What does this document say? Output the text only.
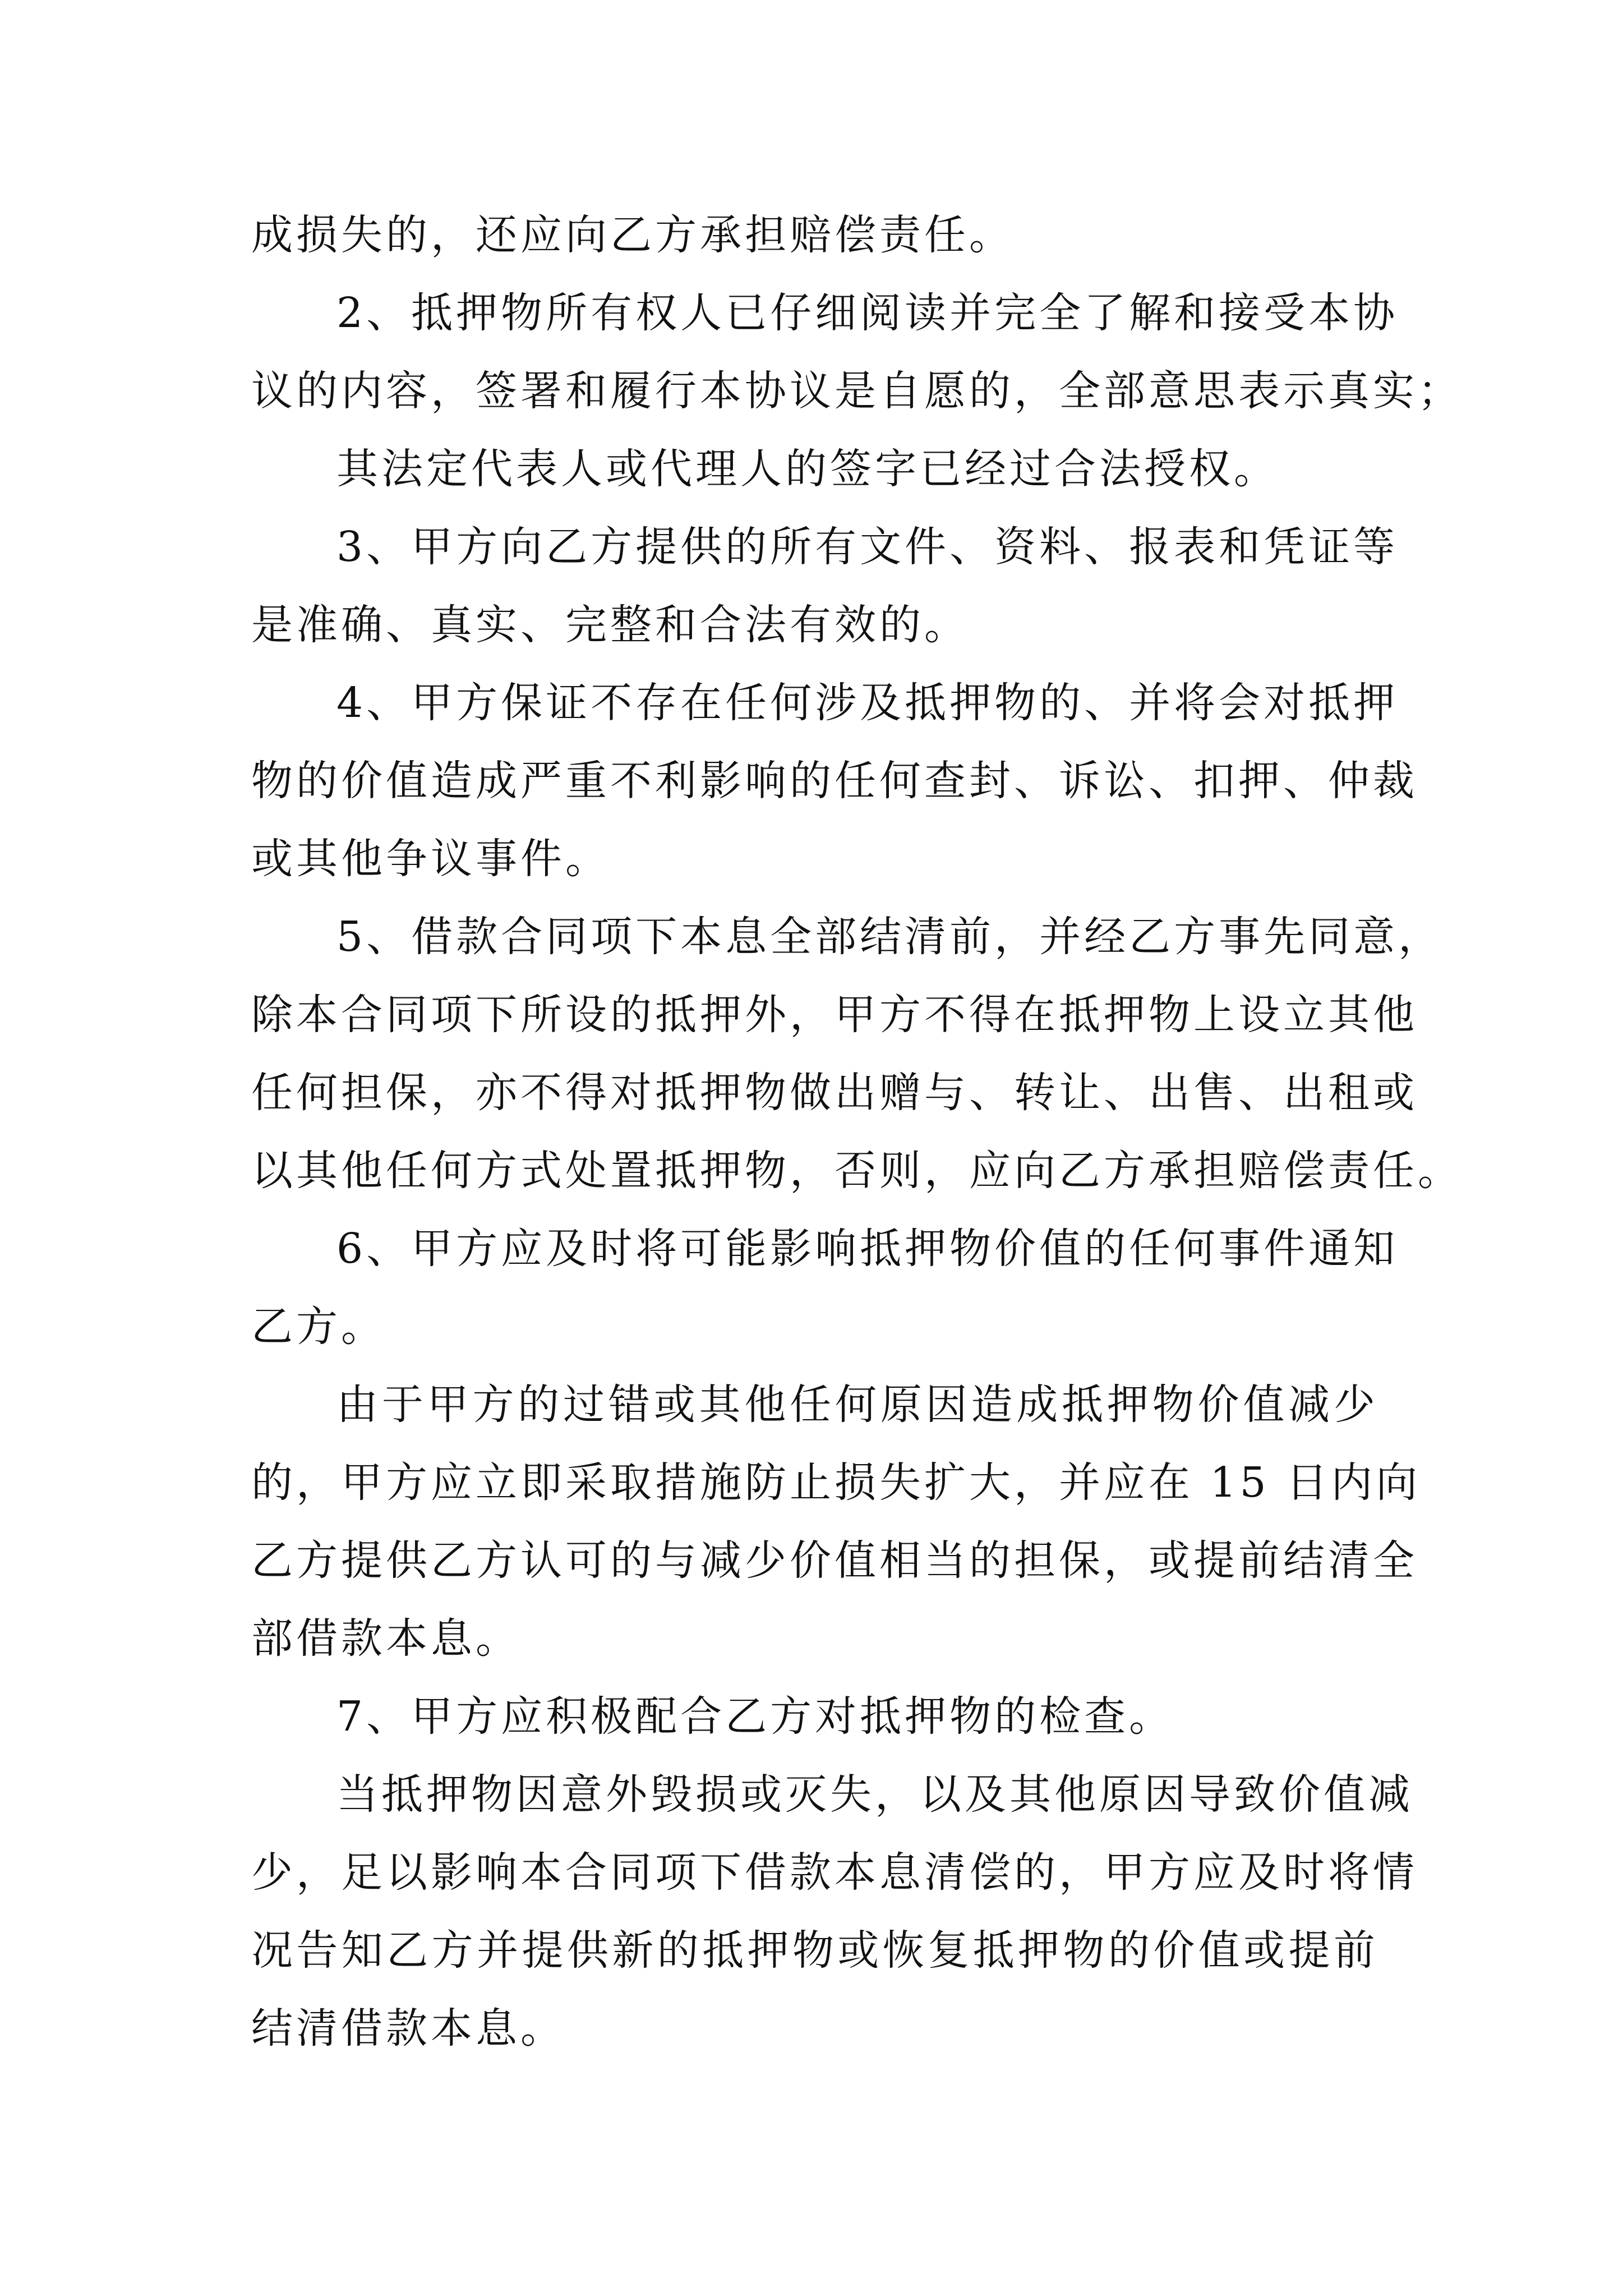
成损失的，还应向乙方承担赔偿责任。
2、抵押物所有权人已仔细阅读并完全了解和接受本协
议的内容，签署和履行本协议是自愿的，全部意思表示真实；
其法定代表人或代理人的签字已经过合法授权。
3、甲方向乙方提供的所有文件、资料、报表和凭证等
是准确、真实、完整和合法有效的。
4、甲方保证不存在任何涉及抵押物的、并将会对抵押
物的价值造成严重不利影响的任何查封、诉讼、扣押、仲裁
或其他争议事件。
5、借款合同项下本息全部结清前，并经乙方事先同意，
除本合同项下所设的抵押外，甲方不得在抵押物上设立其他
任何担保，亦不得对抵押物做出赠与、转让、出售、出租或
以其他任何方式处置抵押物，否则，应向乙方承担赔偿责任。
6、甲方应及时将可能影响抵押物价值的任何事件通知
乙方。
由于甲方的过错或其他任何原因造成抵押物价值减少
的，甲方应立即采取措施防止损失扩大，并应在 15 日内向
乙方提供乙方认可的与减少价值相当的担保，或提前结清全
部借款本息。
7、甲方应积极配合乙方对抵押物的检查。
当抵押物因意外毁损或灭失，以及其他原因导致价值减
少，足以影响本合同项下借款本息清偿的，甲方应及时将情
况告知乙方并提供新的抵押物或恢复抵押物的价值或提前
结清借款本息。
